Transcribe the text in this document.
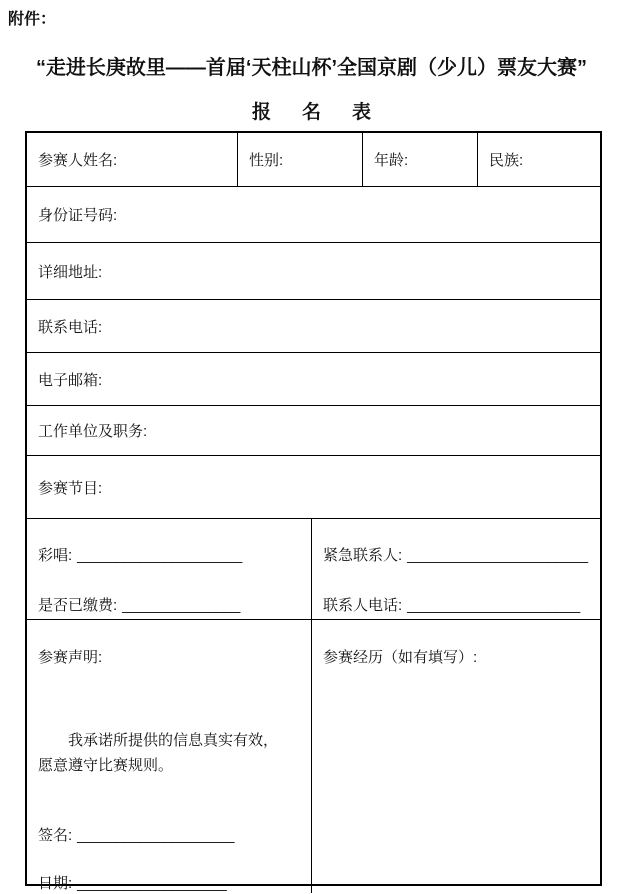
附件：
“走进长庚故里——首届‘天柱山杯’全国京剧（少儿）票友大赛”
报　名　表
参赛人姓名:	性别:	年龄:	民族:
身份证号码:
详细地址:
联系电话:
电子邮箱:
工作单位及职务:
参赛节目:
彩唱: _____________________
是否已缴费: _______________
紧急联系人: _______________________
联系人电话: ______________________
参赛声明:
我承诺所提供的信息真实有效，
愿意遵守比赛规则。
签名: ____________________
日期: ___________________
参赛经历（如有填写）:
